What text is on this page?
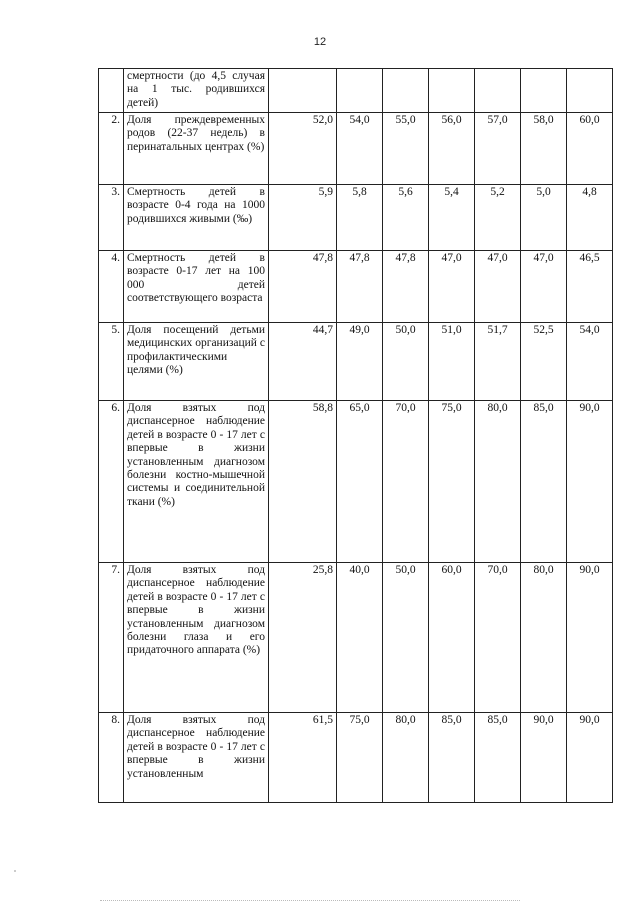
12
	смертности (до 4,5 случая на 1 тыс. родившихся детей)							
2.	Доля преждевременных родов (22-37 недель) в перинатальных центрах (%)	52,0	54,0	55,0	56,0	57,0	58,0	60,0
3.	Смертность детей в возрасте 0-4 года на 1000 родившихся живыми (‰)	5,9	5,8	5,6	5,4	5,2	5,0	4,8
4.	Смертность детей в возрасте 0-17 лет на 100 000 детей соответствующего возраста	47,8	47,8	47,8	47,0	47,0	47,0	46,5
5.	Доля посещений детьми медицинских организаций с профилактическими целями (%)	44,7	49,0	50,0	51,0	51,7	52,5	54,0
6.	Доля взятых под диспансерное наблюдение детей в возрасте 0 - 17 лет с впервые в жизни установленным диагнозом болезни костно-мышечной системы и соединительной ткани (%)	58,8	65,0	70,0	75,0	80,0	85,0	90,0
7.	Доля взятых под диспансерное наблюдение детей в возрасте 0 - 17 лет с впервые в жизни установленным диагнозом болезни глаза и его придаточного аппарата (%)	25,8	40,0	50,0	60,0	70,0	80,0	90,0
8.	Доля взятых под диспансерное наблюдение детей в возрасте 0 - 17 лет с впервые в жизни установленным	61,5	75,0	80,0	85,0	85,0	90,0	90,0
